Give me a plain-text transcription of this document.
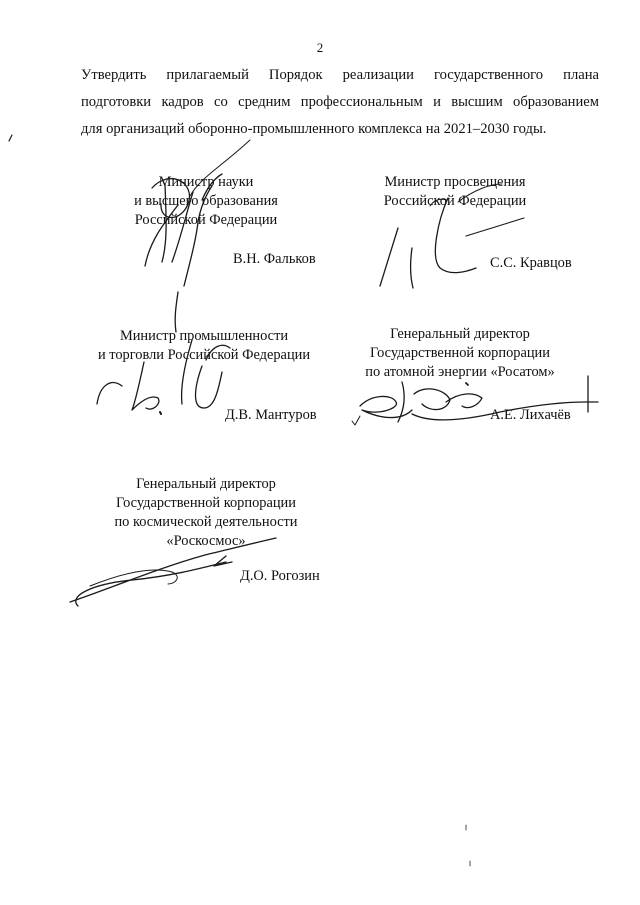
2
Утвердить прилагаемый Порядок реализации государственного плана
подготовки кадров со средним профессиональным и высшим образованием
для организаций оборонно-промышленного комплекса на 2021–2030 годы.
Министр науки
и высшего образования
Российской Федерации
В.Н. Фальков
Министр просвещения
Российской Федерации
С.С. Кравцов
Министр промышленности
и торговли Российской Федерации
Д.В. Мантуров
Генеральный директор
Государственной корпорации
по атомной энергии «Росатом»
А.Е. Лихачёв
Генеральный директор
Государственной корпорации
по космической деятельности
«Роскосмос»
Д.О. Рогозин
